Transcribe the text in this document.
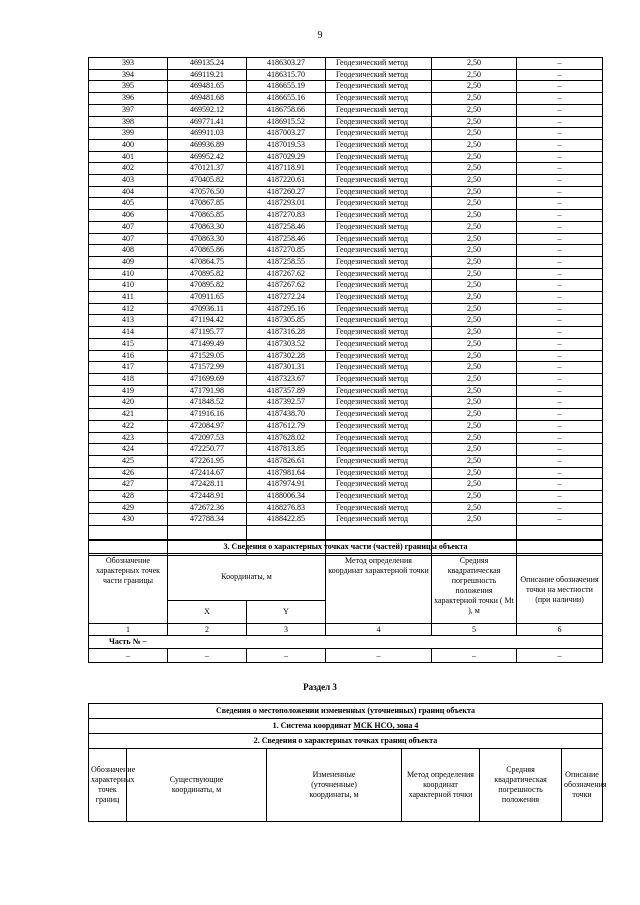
9
393	469135.24	4186303.27	Геодезический метод	2,50	–
394	469119.21	4186315.70	Геодезический метод	2,50	–
395	469481.65	4186655.19	Геодезический метод	2,50	–
396	469481.68	4186655.16	Геодезический метод	2,50	–
397	469592.12	4186758.66	Геодезический метод	2,50	–
398	469771.41	4186915.52	Геодезический метод	2,50	–
399	469911.03	4187003.27	Геодезический метод	2,50	–
400	469936.89	4187019.53	Геодезический метод	2,50	–
401	469952.42	4187029.29	Геодезический метод	2,50	–
402	470121.37	4187118.91	Геодезический метод	2,50	–
403	470405.82	4187220.61	Геодезический метод	2,50	–
404	470576.50	4187260.27	Геодезический метод	2,50	–
405	470867.85	4187293.01	Геодезический метод	2,50	–
406	470865.85	4187270.83	Геодезический метод	2,50	–
407	470863.30	4187258.46	Геодезический метод	2,50	–
407	470863.30	4187258.46	Геодезический метод	2,50	–
408	470865.86	4187270.85	Геодезический метод	2,50	–
409	470864.75	4187258.55	Геодезический метод	2,50	–
410	470895.82	4187267.62	Геодезический метод	2,50	–
410	470895.82	4187267.62	Геодезический метод	2,50	–
411	470911.65	4187272.24	Геодезический метод	2,50	–
412	470936.11	4187295.16	Геодезический метод	2,50	–
413	471194.42	4187305.85	Геодезический метод	2,50	–
414	471195.77	4187316.28	Геодезический метод	2,50	–
415	471499.49	4187303.52	Геодезический метод	2,50	–
416	471529.05	4187302.28	Геодезический метод	2,50	–
417	471572.99	4187301.31	Геодезический метод	2,50	–
418	471699.69	4187323.67	Геодезический метод	2,50	–
419	471791.98	4187357.89	Геодезический метод	2,50	–
420	471848.52	4187392.57	Геодезический метод	2,50	–
421	471916.16	4187438.70	Геодезический метод	2,50	–
422	472084.97	4187612.79	Геодезический метод	2,50	–
423	472097.53	4187628.02	Геодезический метод	2,50	–
424	472250.77	4187813.85	Геодезический метод	2,50	–
425	472261.95	4187826.61	Геодезический метод	2,50	–
426	472414.67	4187981.64	Геодезический метод	2,50	–
427	472428.11	4187974.91	Геодезический метод	2,50	–
428	472448.91	4188006.34	Геодезический метод	2,50	–
429	472672.36	4188276.83	Геодезический метод	2,50	–
430	472788.34	4188422.85	Геодезический метод	2,50	–

3. Сведения о характерных точках части (частей) границы объекта					
Обозначение характерных точек части границы	Координаты, м		Метод определения координат характерной точки	Средняя квадратическая погрешность положения характерной точки ( Mt ), м	Описание обозначения точки на местности (при наличии)
	X	Y			
1	2	3	4	5	6
Часть № –					
–	–	–	–	–	–
Раздел 3
Сведения о местоположении измененных (уточненных) границ объекта
1. Система координат МСК НСО, зона 4
2. Сведения о характерных точках границ объекта
Обозначение характерных точек границ	Существующие координаты, м	Измененные (уточненные) координаты, м	Метод определения координат характерной точки	Средняя квадратическая погрешность положения	Описание обозначения точки
